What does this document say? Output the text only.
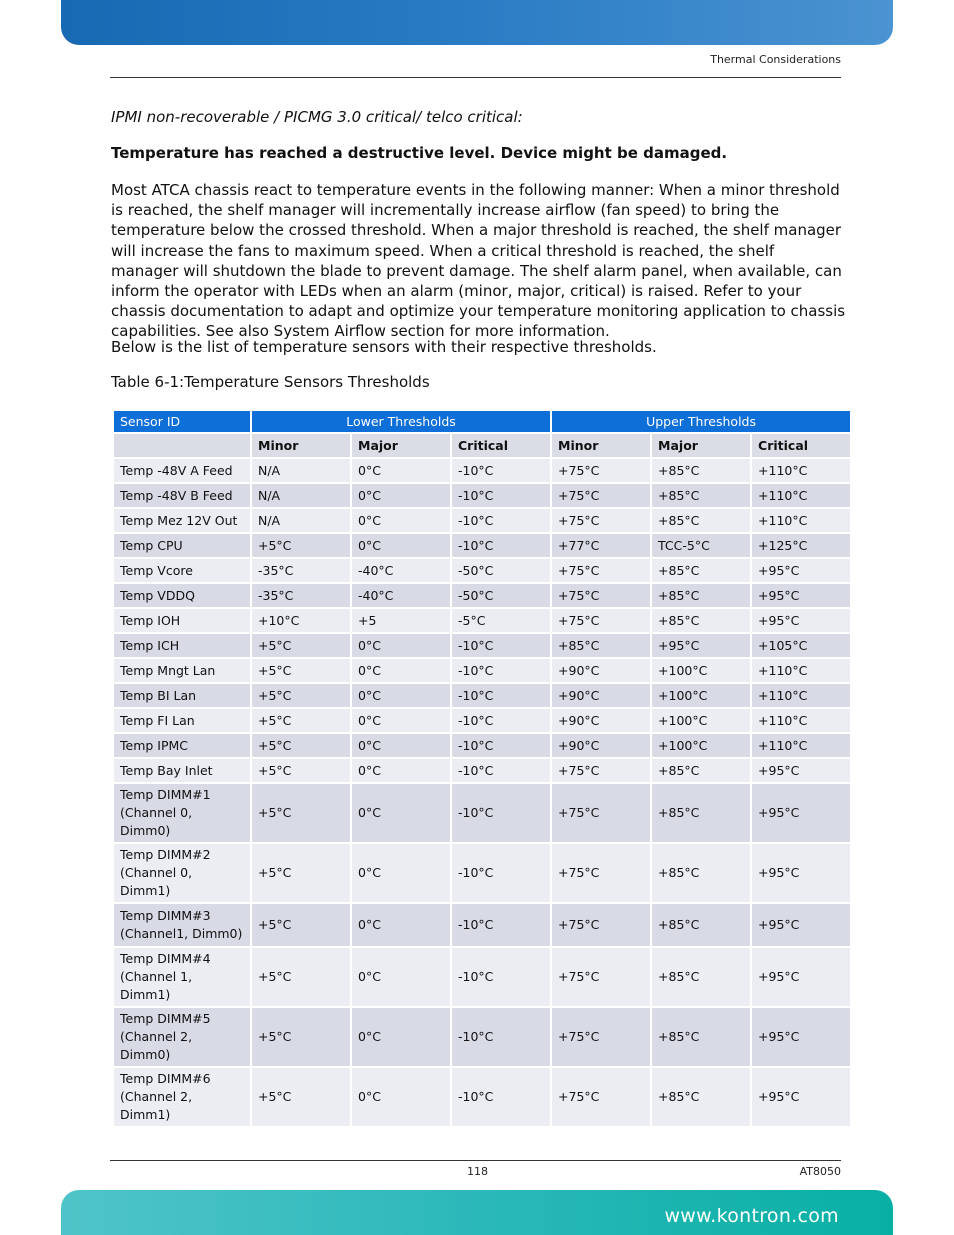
Thermal Considerations
IPMI non-recoverable / PICMG 3.0 critical/ telco critical:
Temperature has reached a destructive level. Device might be damaged.
Most ATCA chassis react to temperature events in the following manner: When a minor threshold is reached, the shelf manager will incrementally increase airflow (fan speed) to bring the temperature below the crossed threshold. When a major threshold is reached, the shelf manager will increase the fans to maximum speed. When a critical threshold is reached, the shelf manager will shutdown the blade to prevent damage. The shelf alarm panel, when available, can inform the operator with LEDs when an alarm (minor, major, critical) is raised. Refer to your chassis documentation to adapt and optimize your temperature monitoring application to chassis capabilities. See also System Airflow section for more information.
Below is the list of temperature sensors with their respective thresholds.
Table 6-1:Temperature Sensors Thresholds
Sensor ID	Lower Thresholds			Upper Thresholds		
	Minor	Major	Critical	Minor	Major	Critical

Temp -48V A Feed	N/A	0°C	-10°C	+75°C	+85°C	+110°C

Temp -48V B Feed	N/A	0°C	-10°C	+75°C	+85°C	+110°C

Temp Mez 12V Out	N/A	0°C	-10°C	+75°C	+85°C	+110°C

Temp CPU	+5°C	0°C	-10°C	+77°C	TCC-5°C	+125°C

Temp Vcore	-35°C	-40°C	-50°C	+75°C	+85°C	+95°C

Temp VDDQ	-35°C	-40°C	-50°C	+75°C	+85°C	+95°C

Temp IOH	+10°C	+5	-5°C	+75°C	+85°C	+95°C

Temp ICH	+5°C	0°C	-10°C	+85°C	+95°C	+105°C

Temp Mngt Lan	+5°C	0°C	-10°C	+90°C	+100°C	+110°C

Temp BI Lan	+5°C	0°C	-10°C	+90°C	+100°C	+110°C

Temp FI Lan	+5°C	0°C	-10°C	+90°C	+100°C	+110°C

Temp IPMC	+5°C	0°C	-10°C	+90°C	+100°C	+110°C

Temp Bay Inlet	+5°C	0°C	-10°C	+75°C	+85°C	+95°C

Temp DIMM#1
(Channel 0, Dimm0)	+5°C	0°C	-10°C	+75°C	+85°C	+95°C

Temp DIMM#2
(Channel 0, Dimm1)	+5°C	0°C	-10°C	+75°C	+85°C	+95°C

Temp DIMM#3
(Channel1, Dimm0)	+5°C	0°C	-10°C	+75°C	+85°C	+95°C

Temp DIMM#4
(Channel 1, Dimm1)	+5°C	0°C	-10°C	+75°C	+85°C	+95°C

Temp DIMM#5
(Channel 2, Dimm0)	+5°C	0°C	-10°C	+75°C	+85°C	+95°C

Temp DIMM#6
(Channel 2, Dimm1)	+5°C	0°C	-10°C	+75°C	+85°C	+95°C
118	AT8050
www.kontron.com
